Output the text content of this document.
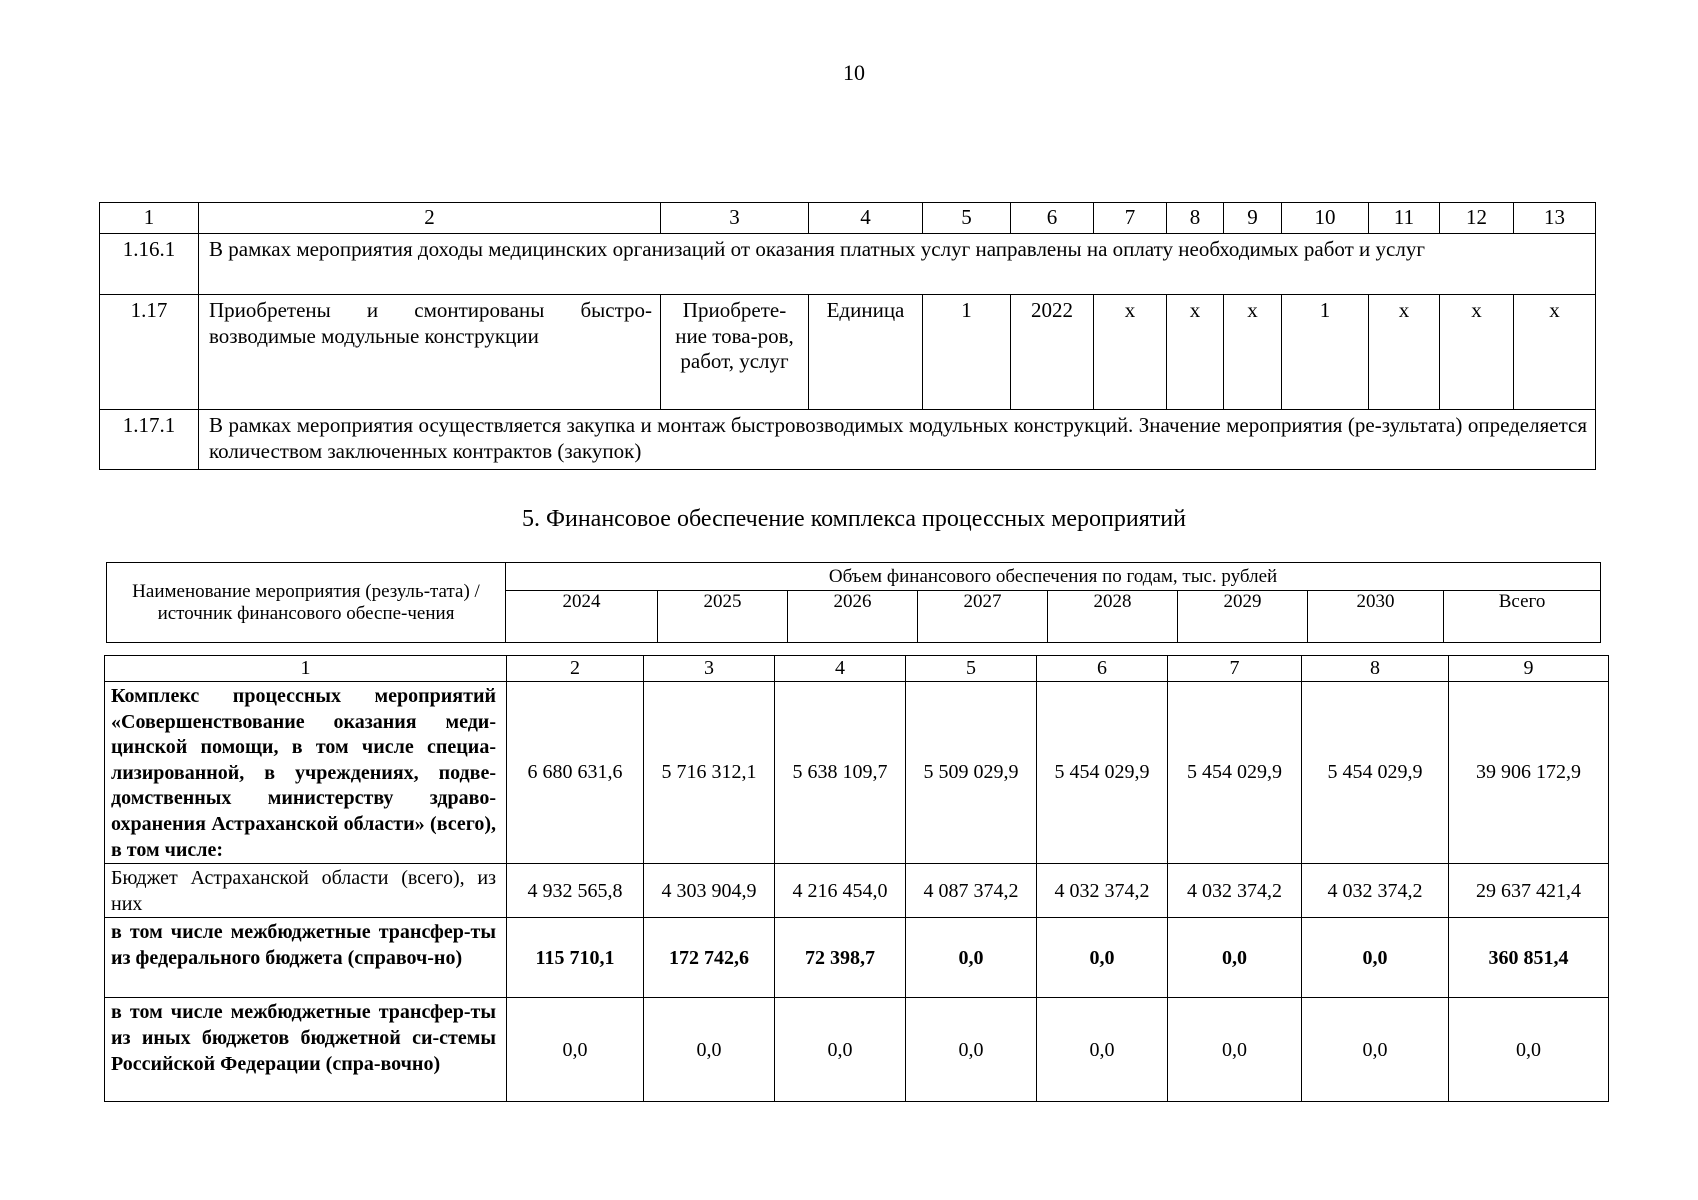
10
1	2	3	4	5	6	7	8	9	10	11	12	13
1.16.1	В рамках мероприятия доходы медицинских организаций от оказания платных услуг направлены на оплату необходимых работ и услуг											
1.17	Приобретены и смонтированы быстро-возводимые модульные конструкции	Приобрете-ние това-ров, работ, услуг	Единица	1	2022	х	х	х	1	х	х	х
1.17.1	В рамках мероприятия осуществляется закупка и монтаж быстровозводимых модульных конструкций. Значение мероприятия (ре-зультата) определяется количеством заключенных контрактов (закупок)											
5. Финансовое обеспечение комплекса процессных мероприятий
Наименование мероприятия (резуль-тата) / источник финансового обеспе-чения	Объем финансового обеспечения по годам, тыс. рублей							
	2024	2025	2026	2027	2028	2029	2030	Всего
1	2	3	4	5	6	7	8	9
Комплекс процессных мероприятий «Совершенствование оказания меди-цинской помощи, в том числе специа-лизированной, в учреждениях, подве-домственных министерству здраво-охранения Астраханской области» (всего), в том числе:	6 680 631,6	5 716 312,1	5 638 109,7	5 509 029,9	5 454 029,9	5 454 029,9	5 454 029,9	39 906 172,9
Бюджет Астраханской области (всего), из них	4 932 565,8	4 303 904,9	4 216 454,0	4 087 374,2	4 032 374,2	4 032 374,2	4 032 374,2	29 637 421,4
в том числе межбюджетные трансфер-ты из федерального бюджета (справоч-но)	115 710,1	172 742,6	72 398,7	0,0	0,0	0,0	0,0	360 851,4
в том числе межбюджетные трансфер-ты из иных бюджетов бюджетной си-стемы Российской Федерации (спра-вочно)	0,0	0,0	0,0	0,0	0,0	0,0	0,0	0,0
